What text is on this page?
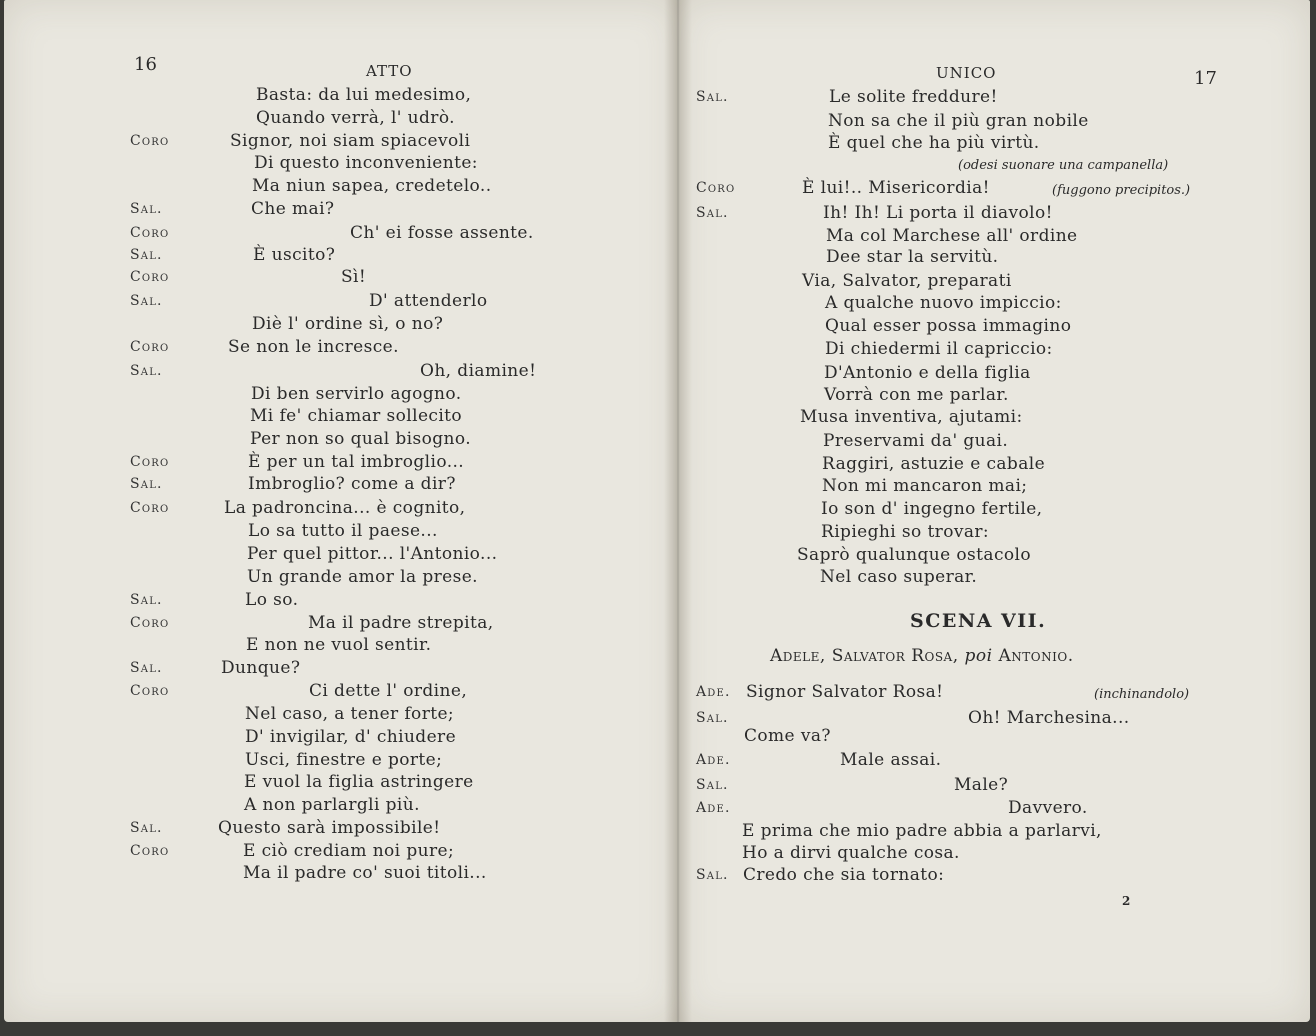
16	ATTO	17
UNICO
Basta: da lui medesimo,
Quando verrà, l' udrò.
Coro	Signor, noi siam spiacevoli
Di questo inconveniente:
Ma niun sapea, credetelo..
Sal.	Che mai?
Coro	Ch' ei fosse assente.
Sal.	È uscito?
Coro	Sì!
Sal.	D' attenderlo
Diè l' ordine sì, o no?
Coro	Se non le incresce.
Sal.	Oh, diamine!
Di ben servirlo agogno.
Mi fe' chiamar sollecito
Per non so qual bisogno.
Coro	È per un tal imbroglio...
Sal.	Imbroglio? come a dir?
Coro	La padroncina... è cognito,
Lo sa tutto il paese...
Per quel pittor... l'Antonio...
Un grande amor la prese.
Sal.	Lo so.
Coro	Ma il padre strepita,
E non ne vuol sentir.
Sal.	Dunque?
Coro	Ci dette l' ordine,
Nel caso, a tener forte;
D' invigilar, d' chiudere
Usci, finestre e porte;
E vuol la figlia astringere
A non parlargli più.
Sal.	Questo sarà impossibile!
Coro	E ciò crediam noi pure;
Ma il padre co' suoi titoli...
Sal.	Le solite freddure!
Non sa che il più gran nobile
È quel che ha più virtù.
Coro	È lui!.. Misericordia!
Sal.	Ih! Ih! Li porta il diavolo!
Ma col Marchese all' ordine
Dee star la servitù.
Via, Salvator, preparati
A qualche nuovo impiccio:
Qual esser possa immagino
Di chiedermi il capriccio:
D'Antonio e della figlia
Vorrà con me parlar.
Musa inventiva, ajutami:
Preservami da' guai.
Raggiri, astuzie e cabale
Non mi mancaron mai;
Io son d' ingegno fertile,
Ripieghi so trovar:
Saprò qualunque ostacolo
Nel caso superar.
Ade. Signor Salvator Rosa!
Sal.	Oh! Marchesina...
Come va?
Ade.	Male assai.
Sal.	Male?
Ade.	Davvero.
E prima che mio padre abbia a parlarvi,
Ho a dirvi qualche cosa.
Sal. Credo che sia tornato:
(odesi suonare una campanella)
(fuggono precipitos.)
(inchinandolo)
SCENA VII.
Adele, Salvator Rosa, poi Antonio.
2
